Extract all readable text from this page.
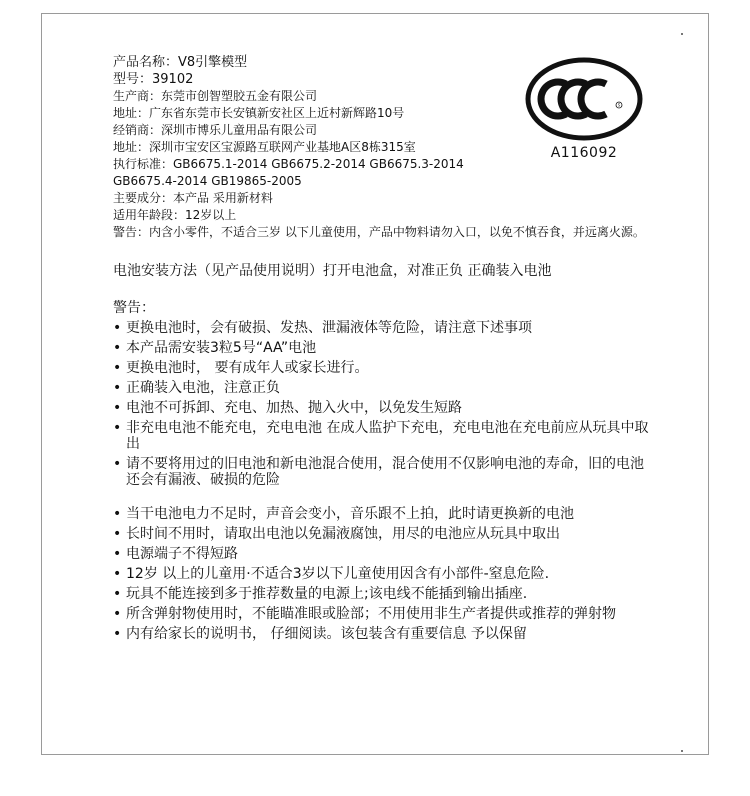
产品名称：V8引擎模型
型号：39102
生产商：东莞市创智塑胶五金有限公司
地址：广东省东莞市长安镇新安社区上近村新辉路10号
经销商：深圳市博乐儿童用品有限公司
地址：深圳市宝安区宝源路互联网产业基地A区8栋315室
执行标准：GB6675.1-2014 GB6675.2-2014 GB6675.3-2014
GB6675.4-2014 GB19865-2005
主要成分：本产品 采用新材料
适用年龄段：12岁以上
警告：内含小零件，不适合三岁 以下儿童使用，产品中物料请勿入口，以免不慎吞食，并远离火源。
A116092
电池安装方法（见产品使用说明）打开电池盒，对准正负 正确装入电池
警告：
• 更换电池时，会有破损、发热、泄漏液体等危险，请注意下述事项
• 本产品需安装3粒5号“AA”电池
• 更换电池时， 要有成年人或家长进行。
• 正确装入电池，注意正负
• 电池不可拆卸、充电、加热、抛入火中，以免发生短路
• 非充电电池不能充电，充电电池 在成人监护下充电，充电电池在充电前应从玩具中取出
• 请不要将用过的旧电池和新电池混合使用，混合使用不仅影响电池的寿命，旧的电池还会有漏液、破损的危险
• 当干电池电力不足时，声音会变小，音乐跟不上拍，此时请更换新的电池
• 长时间不用时，请取出电池以免漏液腐蚀，用尽的电池应从玩具中取出
• 电源端子不得短路
• 12岁 以上的儿童用·不适合3岁以下儿童使用因含有小部件-窒息危险.
• 玩具不能连接到多于推荐数量的电源上;该电线不能插到输出插座.
• 所含弹射物使用时，不能瞄准眼或脸部；不用使用非生产者提供或推荐的弹射物
• 内有给家长的说明书， 仔细阅读。该包装含有重要信息 予以保留
